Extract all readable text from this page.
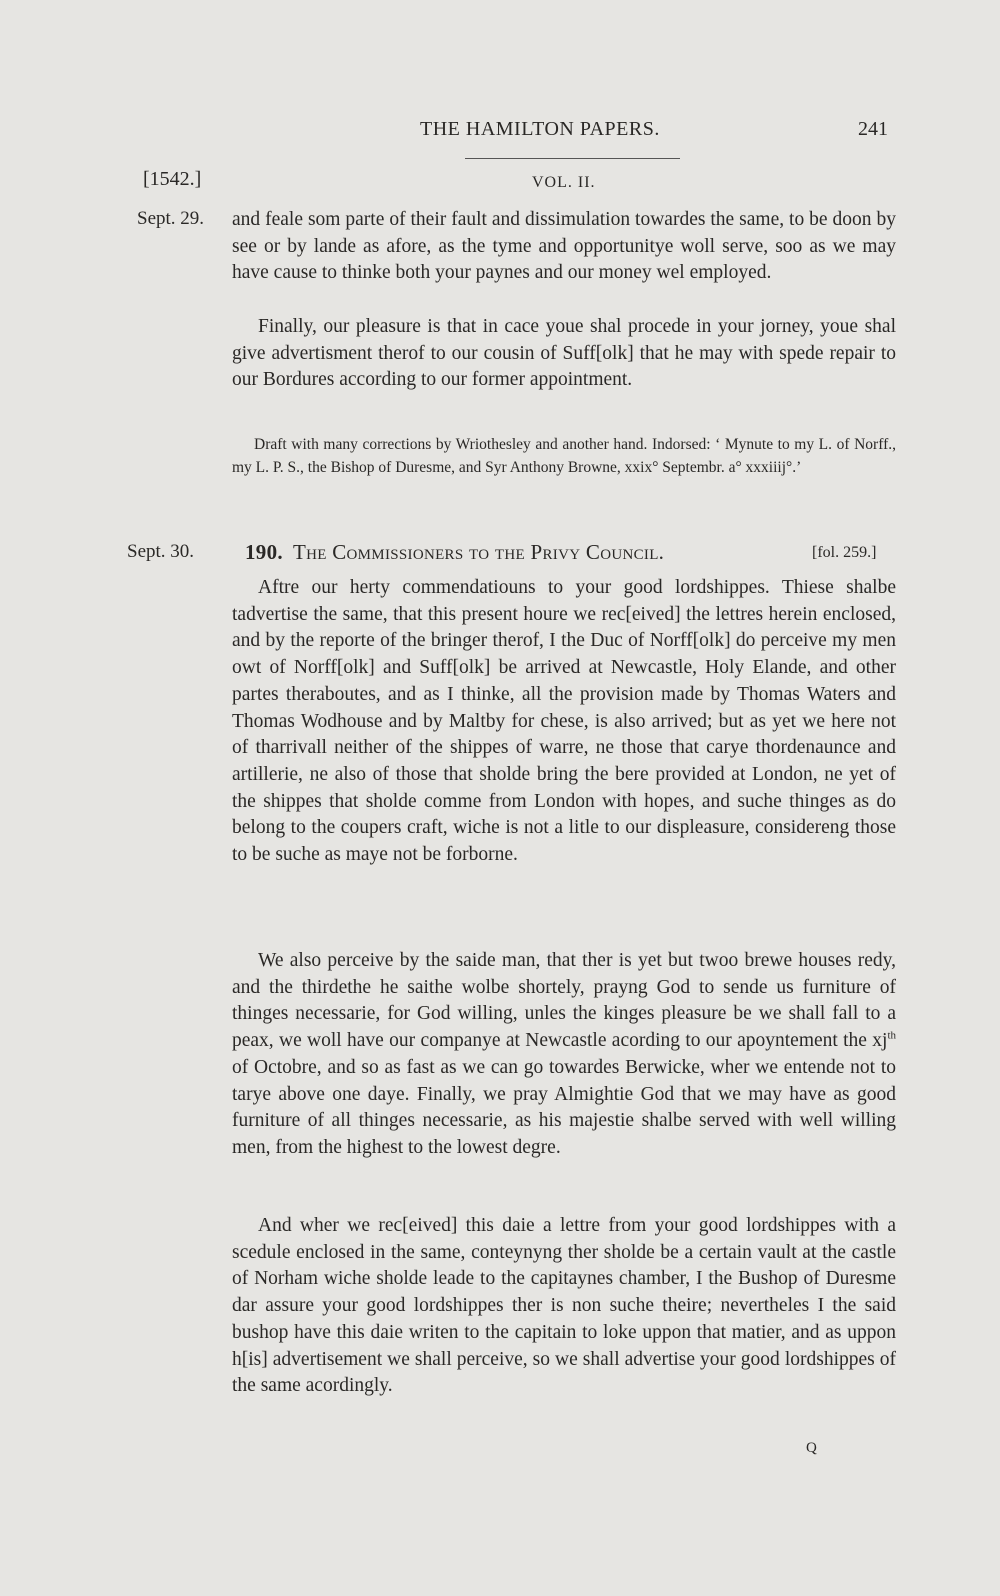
THE HAMILTON PAPERS.	241
[1542.]	VOL. II.
Sept. 29. and feale som parte of their fault and dissimulation towardes the same, to be doon by see or by lande as afore, as the tyme and opportunitye woll serve, soo as we may have cause to thinke both your paynes and our money wel employed.

Finally, our pleasure is that in cace youe shal procede in your jorney, youe shal give advertisment therof to our cousin of Suff[olk] that he may with spede repair to our Bordures according to our former appointment.

Draft with many corrections by Wriothesley and another hand. Indorsed: ‘ Mynute to my L. of Norff., my L. P. S., the Bishop of Duresme, and Syr Anthony Browne, xxix° Septembr. a° xxxiiij°.’

Sept. 30. 190. The Commissioners to the Privy Council.	[fol. 259.]

Aftre our herty commendatiouns to your good lordshippes. Thiese shalbe tadvertise the same, that this present houre we rec[eived] the lettres herein enclosed, and by the reporte of the bringer therof, I the Duc of Norff[olk] do perceive my men owt of Norff[olk] and Suff[olk] be arrived at Newcastle, Holy Elande, and other partes theraboutes, and as I thinke, all the provision made by Thomas Waters and Thomas Wodhouse and by Maltby for chese, is also arrived; but as yet we here not of tharrivall neither of the shippes of warre, ne those that carye thordenaunce and artillerie, ne also of those that sholde bring the bere provided at London, ne yet of the shippes that sholde comme from London with hopes, and suche thinges as do belong to the coupers craft, wiche is not a litle to our displeasure, considereng those to be suche as maye not be forborne.

We also perceive by the saide man, that ther is yet but twoo brewe houses redy, and the thirdethe he saithe wolbe shortely, prayng God to sende us furniture of thinges necessarie, for God willing, unles the kinges pleasure be we shall fall to a peax, we woll have our companye at Newcastle acording to our apoyntement the $xj^{th}$ of Octobre, and so as fast as we can go towardes Berwicke, wher we entende not to tarye above one daye. Finally, we pray Almightie God that we may have as good furniture of all thinges necessarie, as his majestie shalbe served with well willing men, from the highest to the lowest degre.

And wher we rec[eived] this daie a lettre from your good lordshippes with a scedule enclosed in the same, conteynyng ther sholde be a certain vault at the castle of Norham wiche sholde leade to the capitaynes chamber, I the Bushop of Duresme dar assure your good lordshippes ther is non suche theire; nevertheles I the said bushop have this daie writen to the capitain to loke uppon that matier, and as uppon h[is] advertisement we shall perceive, so we shall advertise your good lordshippes of the same acordingly.

Q
